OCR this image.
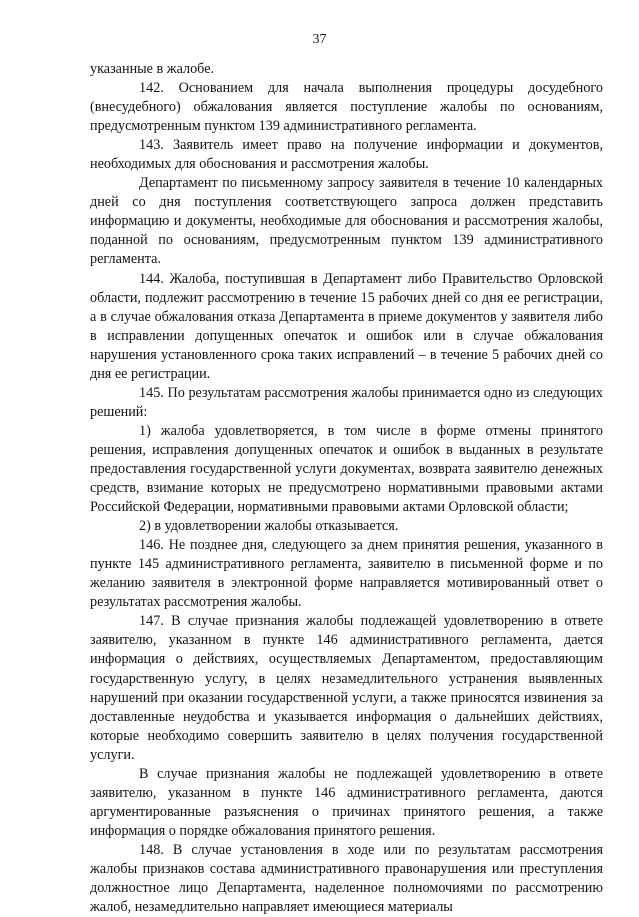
37

указанные в жалобе.

142. Основанием для начала выполнения процедуры досудебного (внесудебного) обжалования является поступление жалобы по основаниям, предусмотренным пунктом 139 административного регламента.

143. Заявитель имеет право на получение информации и документов, необходимых для обоснования и рассмотрения жалобы.

Департамент по письменному запросу заявителя в течение 10 календарных дней со дня поступления соответствующего запроса должен представить информацию и документы, необходимые для обоснования и рассмотрения жалобы, поданной по основаниям, предусмотренным пунктом 139 административного регламента.

144. Жалоба, поступившая в Департамент либо Правительство Орловской области, подлежит рассмотрению в течение 15 рабочих дней со дня ее регистрации, а в случае обжалования отказа Департамента в приеме документов у заявителя либо в исправлении допущенных опечаток и ошибок или в случае обжалования нарушения установленного срока таких исправлений – в течение 5 рабочих дней со дня ее регистрации.

145. По результатам рассмотрения жалобы принимается одно из следующих решений:

1) жалоба удовлетворяется, в том числе в форме отмены принятого решения, исправления допущенных опечаток и ошибок в выданных в результате предоставления государственной услуги документах, возврата заявителю денежных средств, взимание которых не предусмотрено нормативными правовыми актами Российской Федерации, нормативными правовыми актами Орловской области;

2) в удовлетворении жалобы отказывается.

146. Не позднее дня, следующего за днем принятия решения, указанного в пункте 145 административного регламента, заявителю в письменной форме и по желанию заявителя в электронной форме направляется мотивированный ответ о результатах рассмотрения жалобы.

147. В случае признания жалобы подлежащей удовлетворению в ответе заявителю, указанном в пункте 146 административного регламента, дается информация о действиях, осуществляемых Департаментом, предоставляющим государственную услугу, в целях незамедлительного устранения выявленных нарушений при оказании государственной услуги, а также приносятся извинения за доставленные неудобства и указывается информация о дальнейших действиях, которые необходимо совершить заявителю в целях получения государственной услуги.

В случае признания жалобы не подлежащей удовлетворению в ответе заявителю, указанном в пункте 146 административного регламента, даются аргументированные разъяснения о причинах принятого решения, а также информация о порядке обжалования принятого решения.

148. В случае установления в ходе или по результатам рассмотрения жалобы признаков состава административного правонарушения или преступления должностное лицо Департамента, наделенное полномочиями по рассмотрению жалоб, незамедлительно направляет имеющиеся материалы
